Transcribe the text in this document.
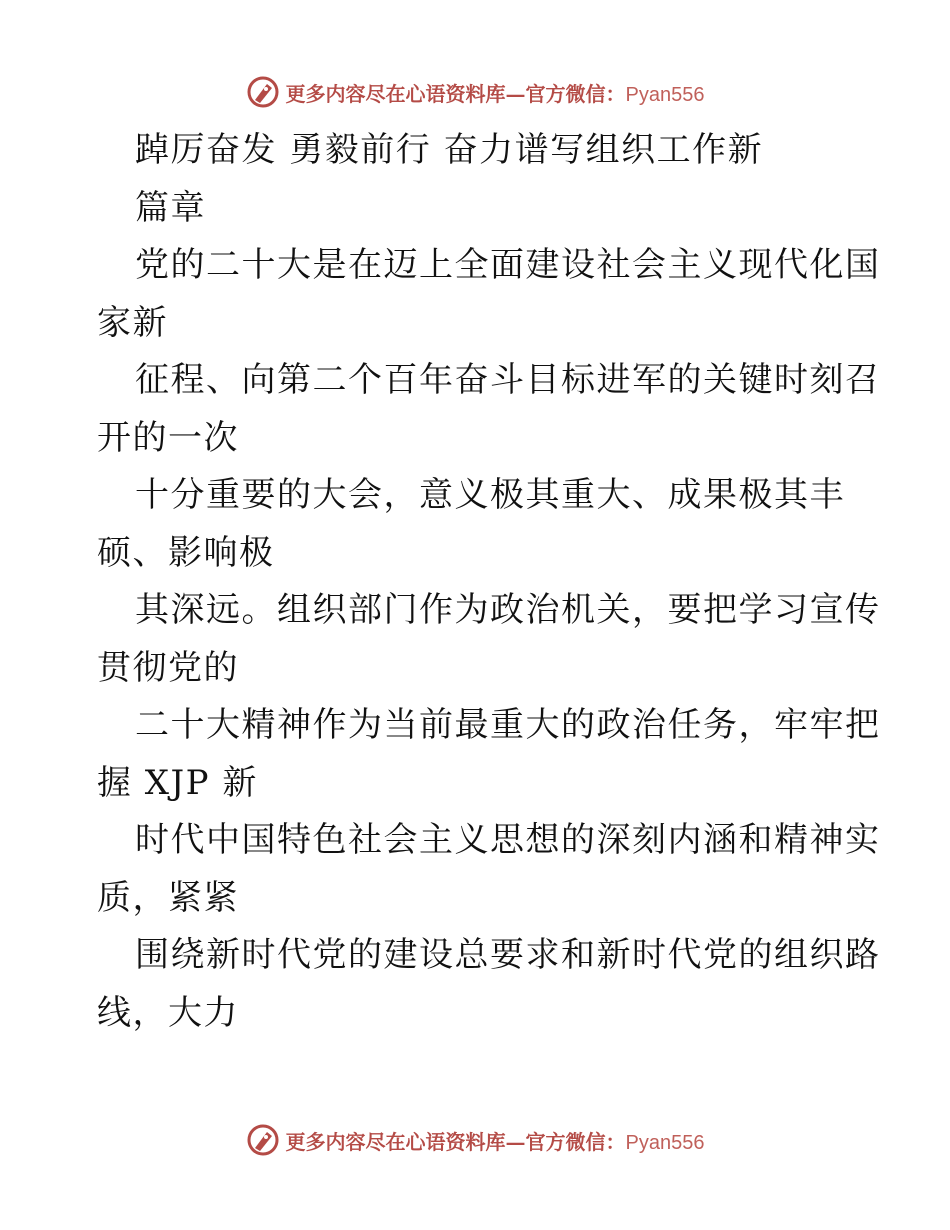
更多内容尽在心语资料库—官方微信：Pyan556
踔厉奋发 勇毅前行 奋力谱写组织工作新
篇章
党的二十大是在迈上全面建设社会主义现代化国
家新
征程、向第二个百年奋斗目标进军的关键时刻召
开的一次
十分重要的大会，意义极其重大、成果极其丰
硕、影响极
其深远。组织部门作为政治机关，要把学习宣传
贯彻党的
二十大精神作为当前最重大的政治任务，牢牢把
握 XJP 新
时代中国特色社会主义思想的深刻内涵和精神实
质，紧紧
围绕新时代党的建设总要求和新时代党的组织路
线，大力
更多内容尽在心语资料库—官方微信：Pyan556
